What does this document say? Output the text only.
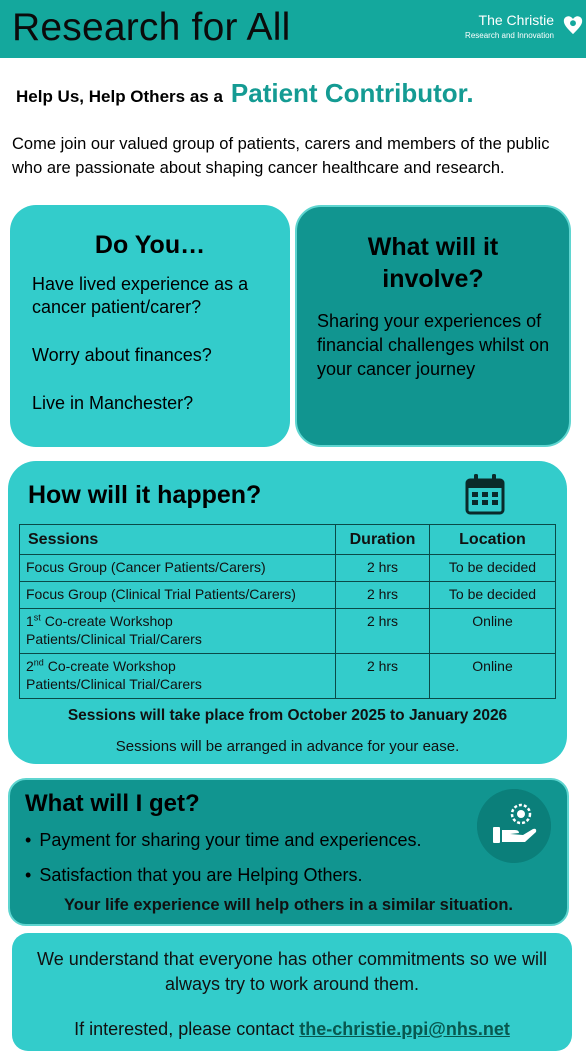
Research for All	The Christie
Research and Innovation
Help Us, Help Others as a Patient Contributor.
Come join our valued group of patients, carers and members of the public who are passionate about shaping cancer healthcare and research.
Do You…
Have lived experience as a cancer patient/carer?
Worry about finances?
Live in Manchester?
What will it involve?
Sharing your experiences of financial challenges whilst on your cancer journey
How will it happen?
Sessions	Duration	Location
Focus Group (Cancer Patients/Carers)	2 hrs	To be decided
Focus Group (Clinical Trial Patients/Carers)	2 hrs	To be decided
1st Co-create Workshop
Patients/Clinical Trial/Carers	2 hrs	Online
2nd Co-create Workshop
Patients/Clinical Trial/Carers	2 hrs	Online
Sessions will take place from October 2025 to January 2026
Sessions will be arranged in advance for your ease.
What will I get?
• Payment for sharing your time and experiences.
• Satisfaction that you are Helping Others.
Your life experience will help others in a similar situation.
We understand that everyone has other commitments so we will always try to work around them.
If interested, please contact the-christie.ppi@nhs.net
